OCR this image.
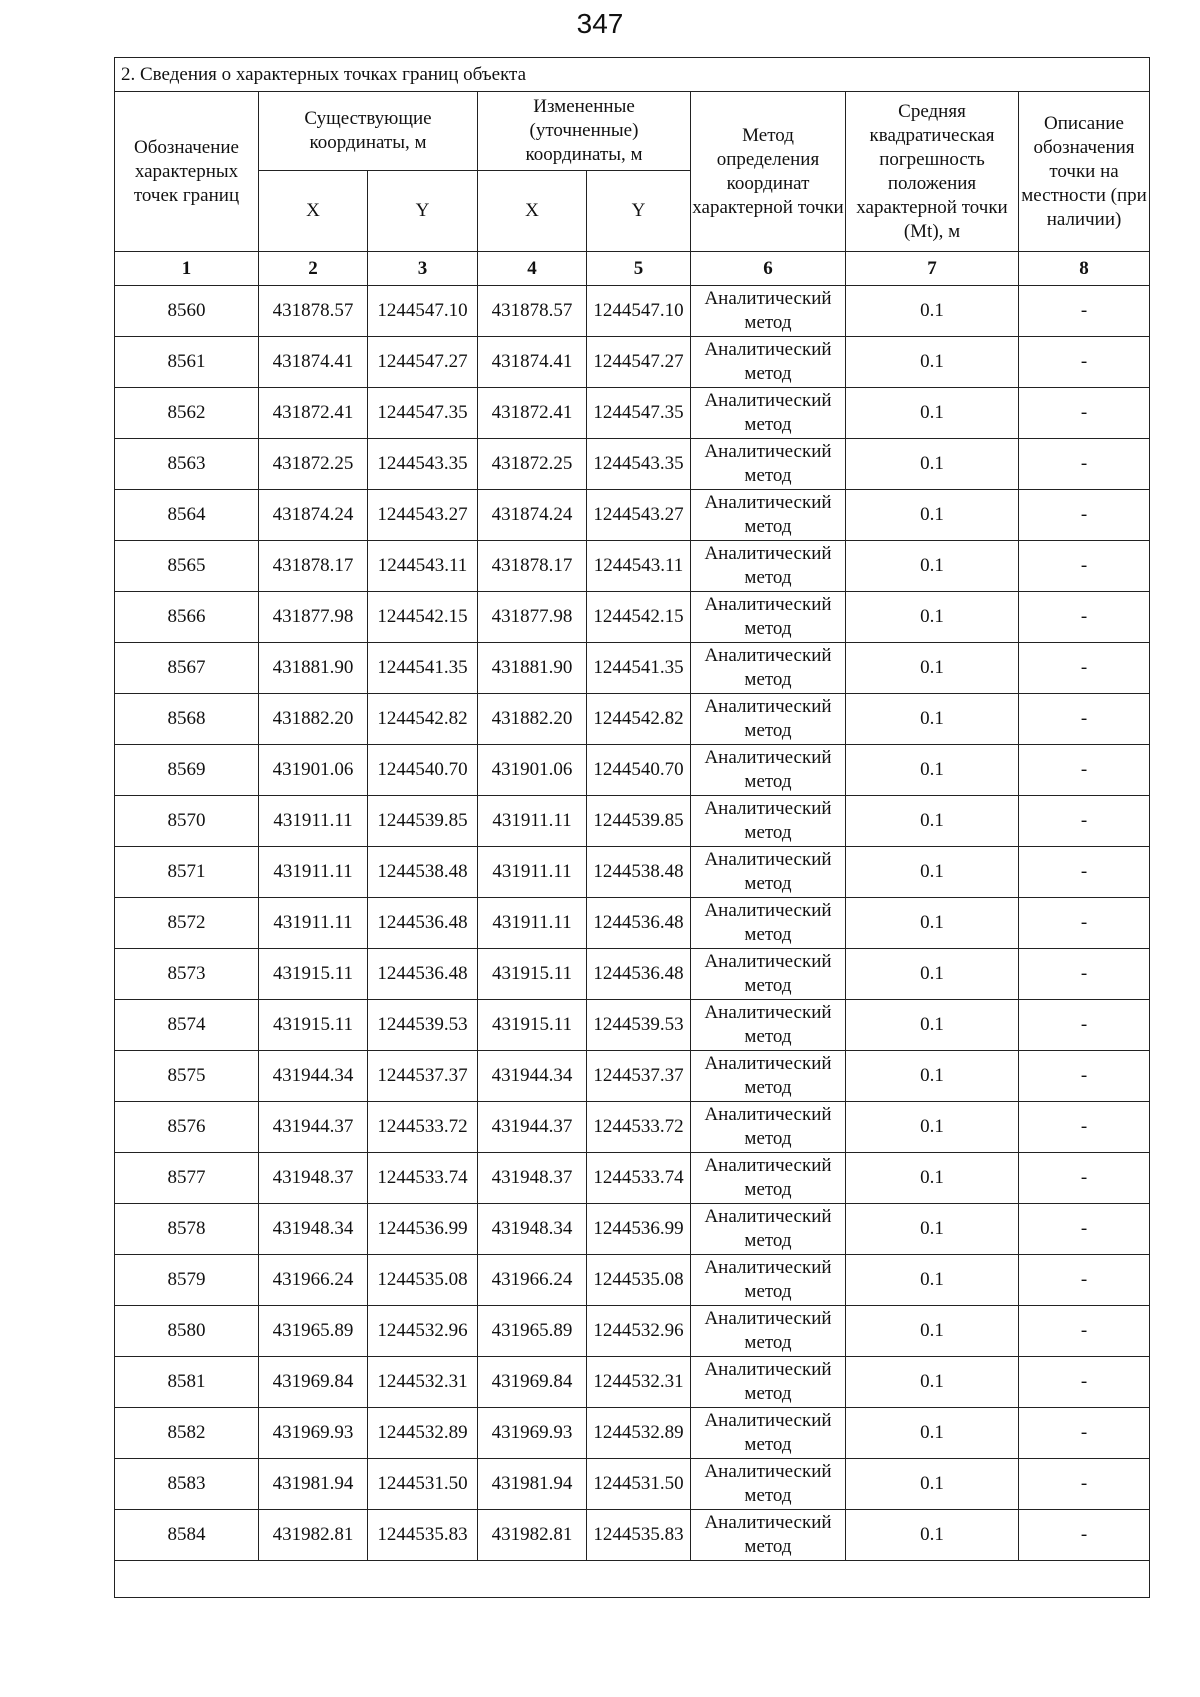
347
2. Сведения о характерных точках границ объекта							
Обозначение характерных точек границ	Существующие координаты, м		Измененные (уточненные) координаты, м		Метод определения координат характерной точки	Средняя квадратическая погрешность положения характерной точки (Mt), м	Описание обозначения точки на местности (при наличии)
	X	Y	X	Y			
1	2	3	4	5	6	7	8
8560	431878.57	1244547.10	431878.57	1244547.10	Аналитический метод	0.1	-
8561	431874.41	1244547.27	431874.41	1244547.27	Аналитический метод	0.1	-
8562	431872.41	1244547.35	431872.41	1244547.35	Аналитический метод	0.1	-
8563	431872.25	1244543.35	431872.25	1244543.35	Аналитический метод	0.1	-
8564	431874.24	1244543.27	431874.24	1244543.27	Аналитический метод	0.1	-
8565	431878.17	1244543.11	431878.17	1244543.11	Аналитический метод	0.1	-
8566	431877.98	1244542.15	431877.98	1244542.15	Аналитический метод	0.1	-
8567	431881.90	1244541.35	431881.90	1244541.35	Аналитический метод	0.1	-
8568	431882.20	1244542.82	431882.20	1244542.82	Аналитический метод	0.1	-
8569	431901.06	1244540.70	431901.06	1244540.70	Аналитический метод	0.1	-
8570	431911.11	1244539.85	431911.11	1244539.85	Аналитический метод	0.1	-
8571	431911.11	1244538.48	431911.11	1244538.48	Аналитический метод	0.1	-
8572	431911.11	1244536.48	431911.11	1244536.48	Аналитический метод	0.1	-
8573	431915.11	1244536.48	431915.11	1244536.48	Аналитический метод	0.1	-
8574	431915.11	1244539.53	431915.11	1244539.53	Аналитический метод	0.1	-
8575	431944.34	1244537.37	431944.34	1244537.37	Аналитический метод	0.1	-
8576	431944.37	1244533.72	431944.37	1244533.72	Аналитический метод	0.1	-
8577	431948.37	1244533.74	431948.37	1244533.74	Аналитический метод	0.1	-
8578	431948.34	1244536.99	431948.34	1244536.99	Аналитический метод	0.1	-
8579	431966.24	1244535.08	431966.24	1244535.08	Аналитический метод	0.1	-
8580	431965.89	1244532.96	431965.89	1244532.96	Аналитический метод	0.1	-
8581	431969.84	1244532.31	431969.84	1244532.31	Аналитический метод	0.1	-
8582	431969.93	1244532.89	431969.93	1244532.89	Аналитический метод	0.1	-
8583	431981.94	1244531.50	431981.94	1244531.50	Аналитический метод	0.1	-
8584	431982.81	1244535.83	431982.81	1244535.83	Аналитический метод	0.1	-
